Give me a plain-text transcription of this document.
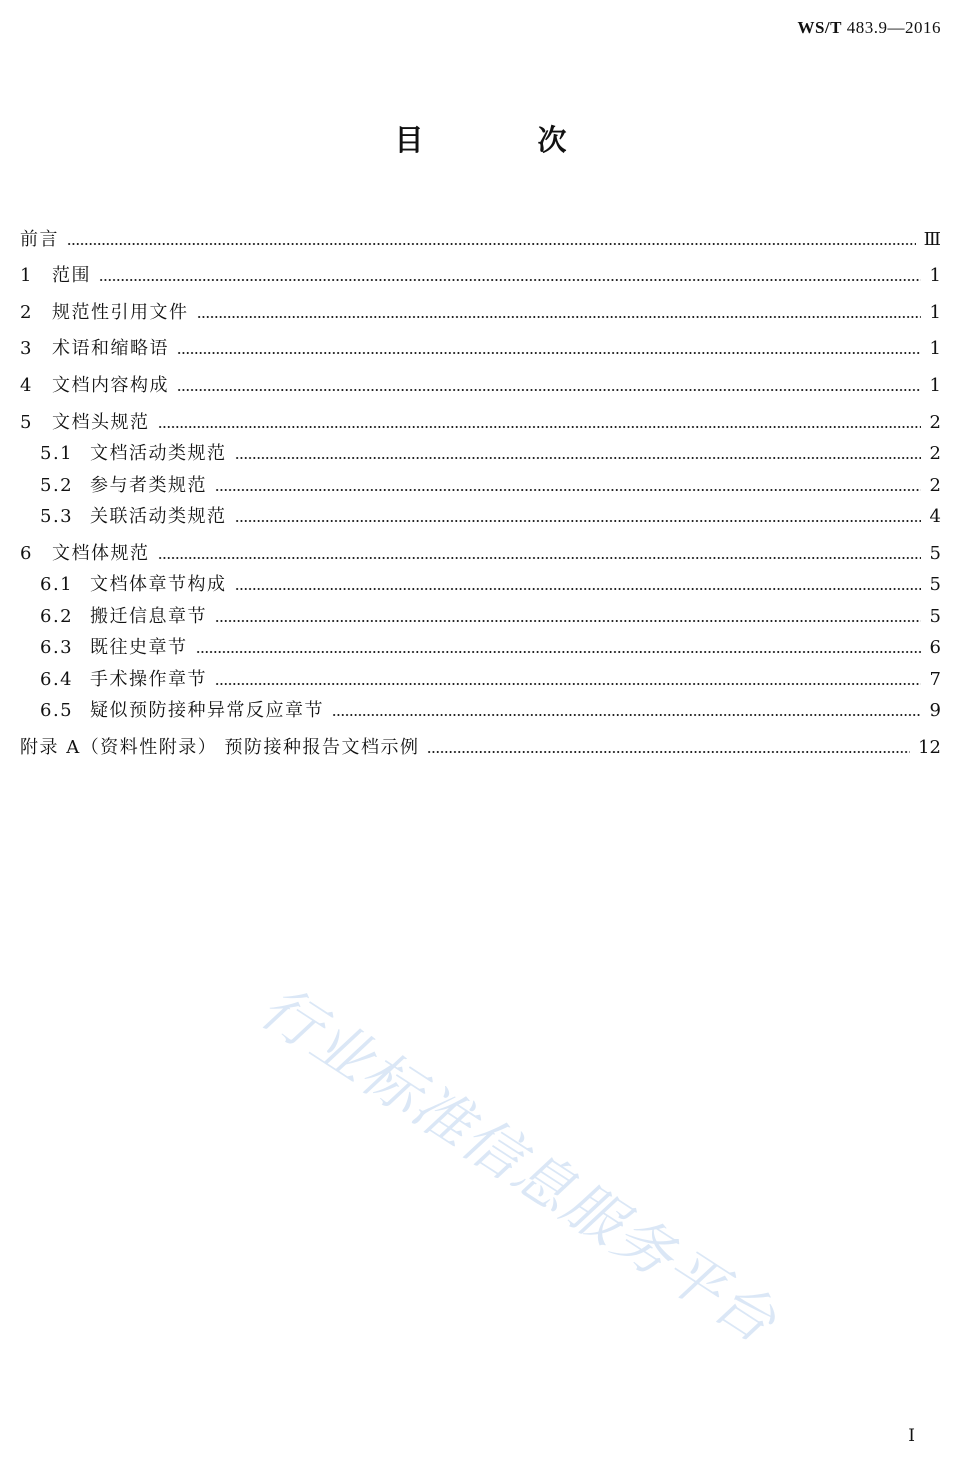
WS/T 483.9—2016
目 次
前言	Ⅲ
1	范围	1
2	规范性引用文件	1
3	术语和缩略语	1
4	文档内容构成	1
5	文档头规范	2
5.1 文档活动类规范	2
5.2 参与者类规范	2
5.3 关联活动类规范	4
6	文档体规范	5
6.1 文档体章节构成	5
6.2 搬迁信息章节	5
6.3 既往史章节	6
6.4 手术操作章节	7
6.5 疑似预防接种异常反应章节	9
附录 A（资料性附录） 预防接种报告文档示例	12
行业标准信息服务平台
Ⅰ
